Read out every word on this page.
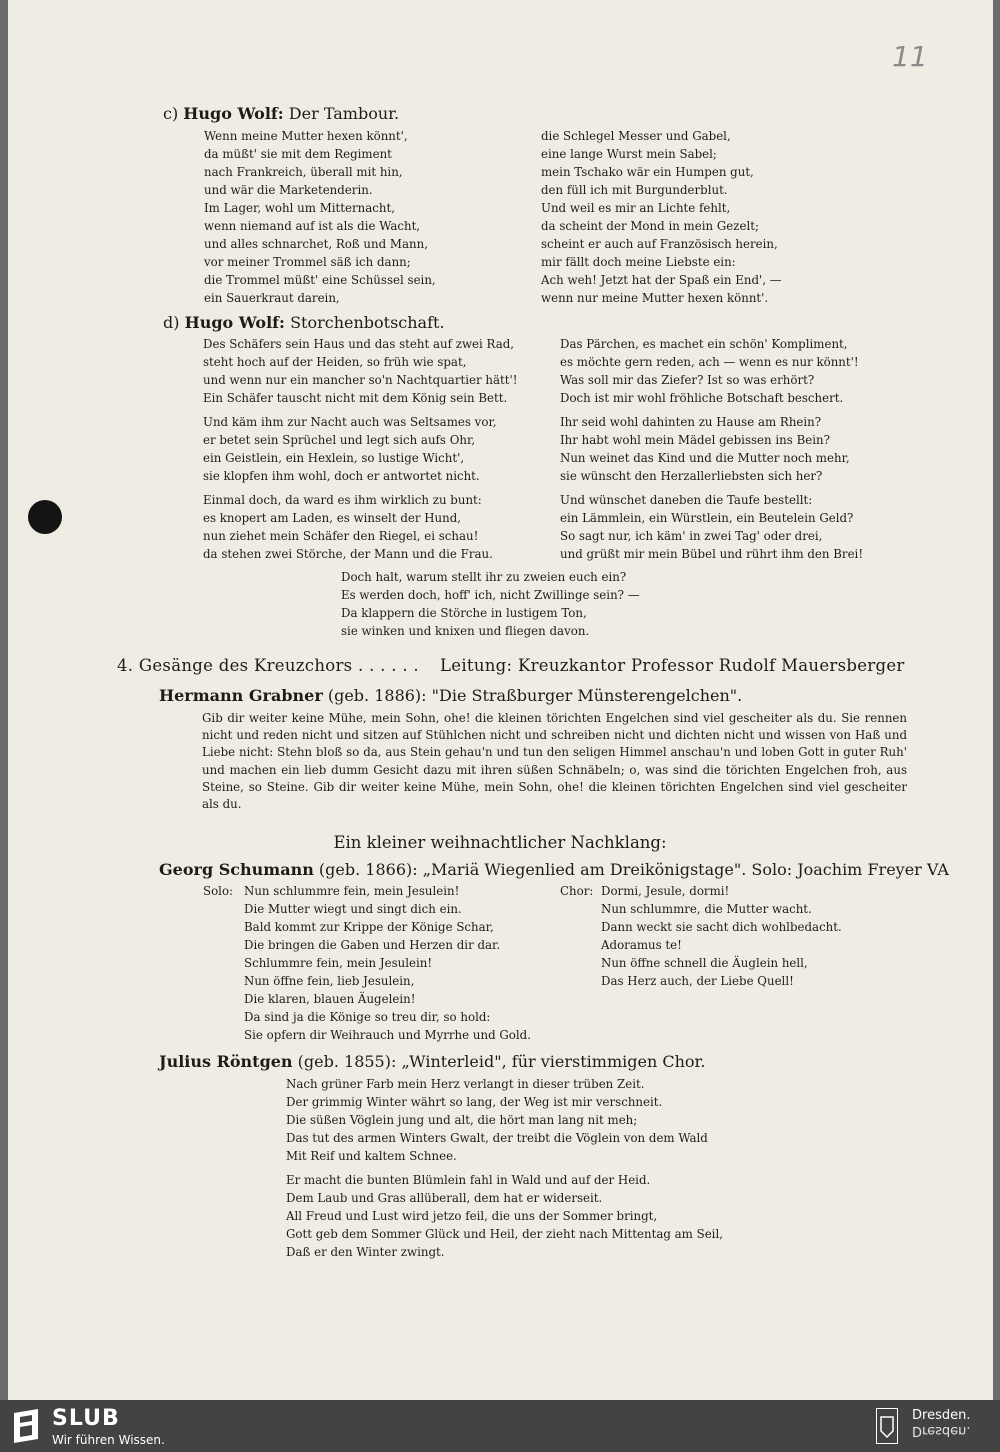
11
c) Hugo Wolf: Der Tambour.
Wenn meine Mutter hexen könnt',
da müßt' sie mit dem Regiment
nach Frankreich, überall mit hin,
und wär die Marketenderin.
Im Lager, wohl um Mitternacht,
wenn niemand auf ist als die Wacht,
und alles schnarchet, Roß und Mann,
vor meiner Trommel säß ich dann;
die Trommel müßt' eine Schüssel sein,
ein Sauerkraut darein,
die Schlegel Messer und Gabel,
eine lange Wurst mein Sabel;
mein Tschako wär ein Humpen gut,
den füll ich mit Burgunderblut.
Und weil es mir an Lichte fehlt,
da scheint der Mond in mein Gezelt;
scheint er auch auf Französisch herein,
mir fällt doch meine Liebste ein:
Ach weh! Jetzt hat der Spaß ein End', —
wenn nur meine Mutter hexen könnt'.
d) Hugo Wolf: Storchenbotschaft.
Des Schäfers sein Haus und das steht auf zwei Rad,
steht hoch auf der Heiden, so früh wie spat,
und wenn nur ein mancher so'n Nachtquartier hätt'!
Ein Schäfer tauscht nicht mit dem König sein Bett.
Und käm ihm zur Nacht auch was Seltsames vor,
er betet sein Sprüchel und legt sich aufs Ohr,
ein Geistlein, ein Hexlein, so lustige Wicht',
sie klopfen ihm wohl, doch er antwortet nicht.
Einmal doch, da ward es ihm wirklich zu bunt:
es knopert am Laden, es winselt der Hund,
nun ziehet mein Schäfer den Riegel, ei schau!
da stehen zwei Störche, der Mann und die Frau.
Das Pärchen, es machet ein schön' Kompliment,
es möchte gern reden, ach — wenn es nur könnt'!
Was soll mir das Ziefer? Ist so was erhört?
Doch ist mir wohl fröhliche Botschaft beschert.
Ihr seid wohl dahinten zu Hause am Rhein?
Ihr habt wohl mein Mädel gebissen ins Bein?
Nun weinet das Kind und die Mutter noch mehr,
sie wünscht den Herzallerliebsten sich her?
Und wünschet daneben die Taufe bestellt:
ein Lämmlein, ein Würstlein, ein Beutelein Geld?
So sagt nur, ich käm' in zwei Tag' oder drei,
und grüßt mir mein Bübel und rührt ihm den Brei!
Doch halt, warum stellt ihr zu zweien euch ein?
Es werden doch, hoff' ich, nicht Zwillinge sein? —
Da klappern die Störche in lustigem Ton,
sie winken und knixen und fliegen davon.
4. Gesänge des Kreuzchors . . . . . . Leitung: Kreuzkantor Professor Rudolf Mauersberger
Hermann Grabner (geb. 1886): "Die Straßburger Münsterengelchen".

Gib dir weiter keine Mühe, mein Sohn, ohe! die kleinen törichten Engelchen sind viel gescheiter als du. Sie rennen nicht und reden nicht und sitzen auf Stühlchen nicht und schreiben nicht und dichten nicht und wissen von Haß und Liebe nicht: Stehn bloß so da, aus Stein gehau'n und tun den seligen Himmel anschau'n und loben Gott in guter Ruh' und machen ein lieb dumm Gesicht dazu mit ihren süßen Schnäbeln; o, was sind die törichten Engelchen froh, aus Steine, so Steine. Gib dir weiter keine Mühe, mein Sohn, ohe! die kleinen törichten Engelchen sind viel gescheiter als du.

Ein kleiner weihnachtlicher Nachklang:
Georg Schumann (geb. 1866): „Mariä Wiegenlied am Dreikönigstage". Solo: Joachim Freyer VA
Solo: Nun schlummre fein, mein Jesulein!
Die Mutter wiegt und singt dich ein.
Bald kommt zur Krippe der Könige Schar,
Die bringen die Gaben und Herzen dir dar.
Schlummre fein, mein Jesulein!
Nun öffne fein, lieb Jesulein,
Die klaren, blauen Äugelein!
Da sind ja die Könige so treu dir, so hold:
Sie opfern dir Weihrauch und Myrrhe und Gold.
Chor: Dormi, Jesule, dormi!
Nun schlummre, die Mutter wacht.
Dann weckt sie sacht dich wohlbedacht.
Adoramus te!
Nun öffne schnell die Äuglein hell,
Das Herz auch, der Liebe Quell!
Julius Röntgen (geb. 1855): „Winterleid", für vierstimmigen Chor.
Nach grüner Farb mein Herz verlangt in dieser trüben Zeit.
Der grimmig Winter währt so lang, der Weg ist mir verschneit.
Die süßen Vöglein jung und alt, die hört man lang nit meh;
Das tut des armen Winters Gwalt, der treibt die Vöglein von dem Wald
Mit Reif und kaltem Schnee.
Er macht die bunten Blümlein fahl in Wald und auf der Heid.
Dem Laub und Gras allüberall, dem hat er widerseit.
All Freud und Lust wird jetzo feil, die uns der Sommer bringt,
Gott geb dem Sommer Glück und Heil, der zieht nach Mittentag am Seil,
Daß er den Winter zwingt.
SLUB
Wir führen Wissen.
Dresden.
Dresden.
